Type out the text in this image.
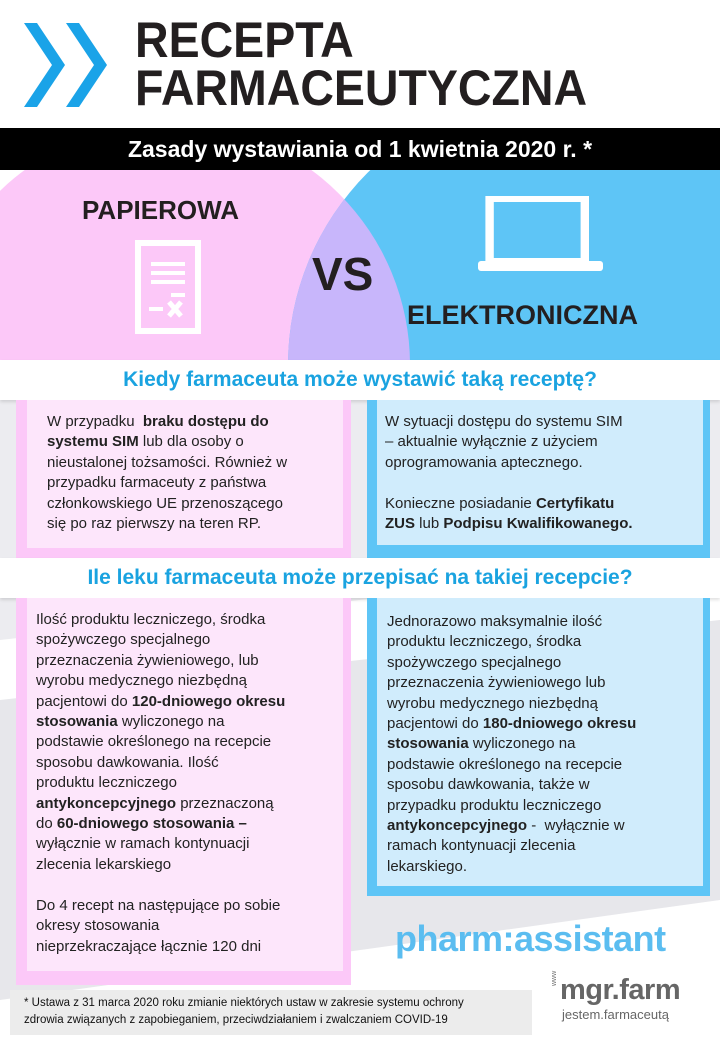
RECEPTA
FARMACEUTYCZNA
Zasady wystawiania od 1 kwietnia 2020 r. *
PAPIEROWA
VS
ELEKTRONICZNA
Kiedy farmaceuta może wystawić taką receptę?
W przypadku  braku dostępu do
systemu SIM lub dla osoby o
nieustalonej tożsamości. Również w
przypadku farmaceuty z państwa
członkowskiego UE przenoszącego
się po raz pierwszy na teren RP.
W sytuacji dostępu do systemu SIM
– aktualnie wyłącznie z użyciem
oprogramowania aptecznego.

Konieczne posiadanie Certyfikatu
ZUS lub Podpisu Kwalifikowanego.
Ile leku farmaceuta może przepisać na takiej recepcie?
Ilość produktu leczniczego, środka
spożywczego specjalnego
przeznaczenia żywieniowego, lub
wyrobu medycznego niezbędną
pacjentowi do 120-dniowego okresu
stosowania wyliczonego na
podstawie określonego na recepcie
sposobu dawkowania. Ilość
produktu leczniczego
antykoncepcyjnego przeznaczoną
do 60-dniowego stosowania –
wyłącznie w ramach kontynuacji
zlecenia lekarskiego

Do 4 recept na następujące po sobie
okresy stosowania
nieprzekraczające łącznie 120 dni
Jednorazowo maksymalnie ilość
produktu leczniczego, środka
spożywczego specjalnego
przeznaczenia żywieniowego lub
wyrobu medycznego niezbędną
pacjentowi do 180-dniowego okresu
stosowania wyliczonego na
podstawie określonego na recepcie
sposobu dawkowania, także w
przypadku produktu leczniczego
antykoncepcyjnego -  wyłącznie w
ramach kontynuacji zlecenia
lekarskiego.
pharm:assistant
www mgr.farm
jestem.farmaceutą
* Ustawa z 31 marca 2020 roku zmianie niektórych ustaw w zakresie systemu ochrony
zdrowia związanych z zapobieganiem, przeciwdziałaniem i zwalczaniem COVID-19
